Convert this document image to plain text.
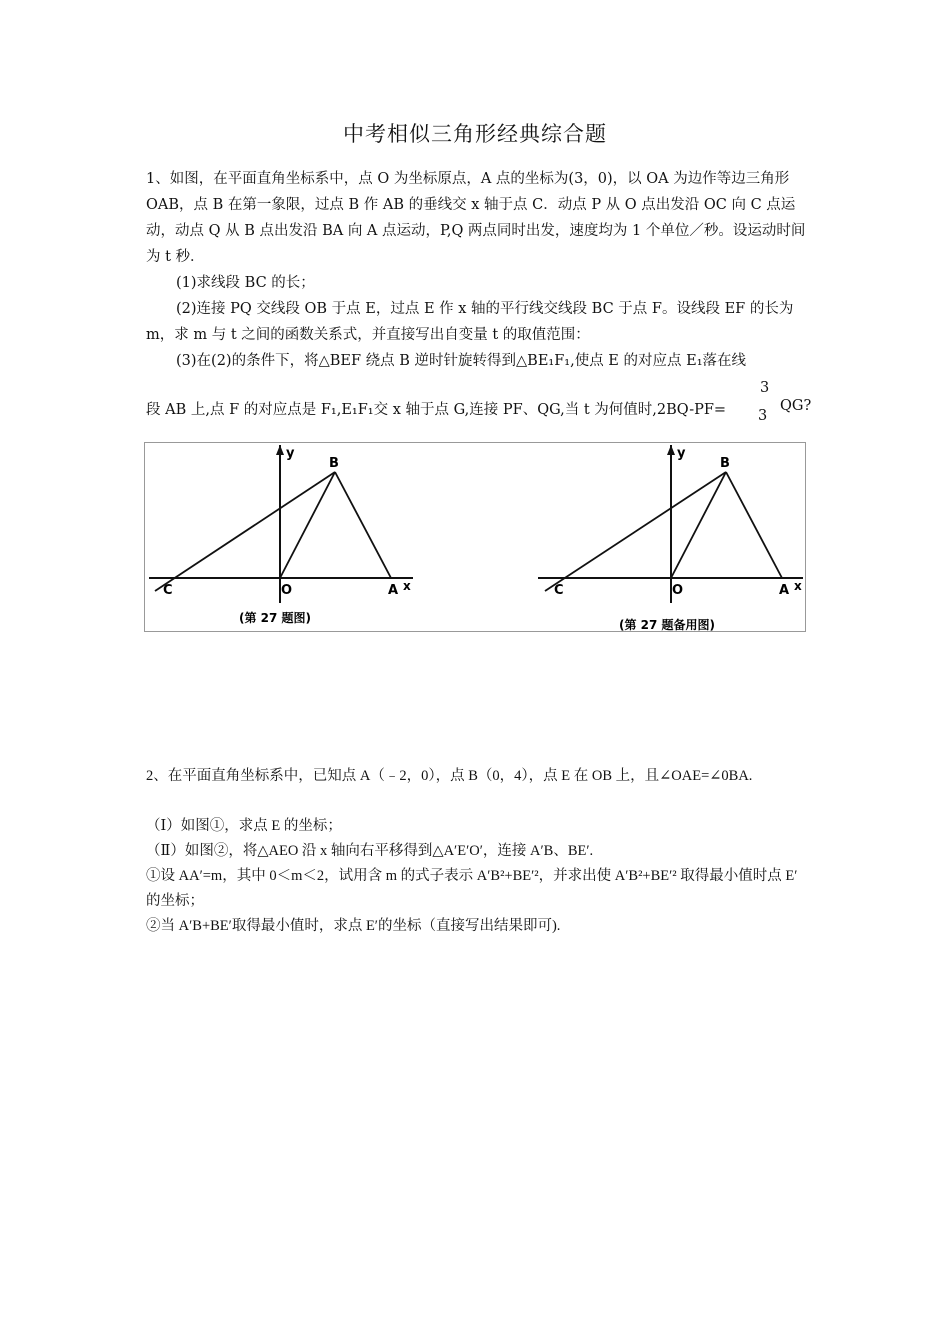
中考相似三角形经典综合题

1、如图，在平面直角坐标系中，点 O 为坐标原点，A 点的坐标为(3，0)，以 OA 为边作等边三角形 OAB，点 B 在第一象限，过点 B 作 AB 的垂线交 x 轴于点 C．动点 P 从 O 点出发沿 OC 向 C 点运动，动点 Q 从 B 点出发沿 BA 向 A 点运动，P,Q 两点同时出发，速度均为 1 个单位／秒。设运动时间为 t 秒．

(1)求线段 BC 的长；

(2)连接 PQ 交线段 OB 于点 E，过点 E 作 x 轴的平行线交线段 BC 于点 F。设线段 EF 的长为 m，求 m 与 t 之间的函数关系式，并直接写出自变量 t 的取值范围：

(3)在(2)的条件下，将△BEF 绕点 B 逆时针旋转得到△BE₁F₁,使点 E 的对应点 E₁落在线

段 AB 上,点 F 的对应点是 F₁,E₁F₁交 x 轴于点 G,连接 PF、QG,当 t 为何值时,2BQ-PF=
3
3
QG?
y
x
B
C	O	A
(第 27 题图)
y
x
B
C	O	A
(第 27 题备用图)

2、在平面直角坐标系中，已知点 A（﹣2，0），点 B（0，4），点 E 在 OB 上，且∠OAE=∠0BA.

（Ⅰ）如图①，求点 E 的坐标；

（Ⅱ）如图②，将△AEO 沿 x 轴向右平移得到△A′E′O′，连接 A′B、BE′.

①设 AA′=m，其中 0＜m＜2，试用含 m 的式子表示 A′B²+BE′²，并求出使 A′B²+BE′² 取得最小值时点 E′的坐标；

②当 A′B+BE′取得最小值时，求点 E′的坐标（直接写出结果即可).
